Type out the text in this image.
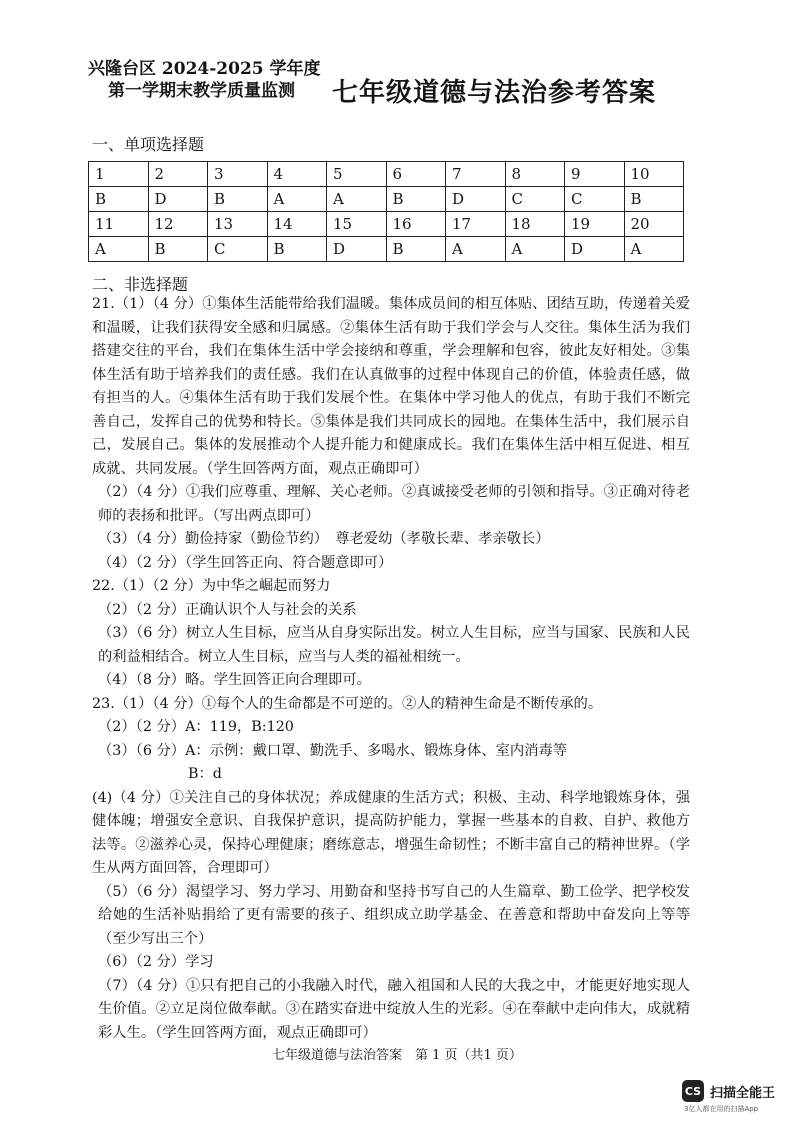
兴隆台区 2024-2025 学年度
第一学期末教学质量监测	七年级道德与法治参考答案
一、单项选择题
1	2	3	4	5	6	7	8	9	10
B	D	B	A	A	B	D	C	C	B
11	12	13	14	15	16	17	18	19	20
A	B	C	B	D	B	A	A	D	A
二、非选择题

21.（1）（4 分）①集体生活能带给我们温暖。集体成员间的相互体贴、团结互助，传递着关爱和温暖，让我们获得安全感和归属感。②集体生活有助于我们学会与人交往。集体生活为我们搭建交往的平台，我们在集体生活中学会接纳和尊重，学会理解和包容，彼此友好相处。③集体生活有助于培养我们的责任感。我们在认真做事的过程中体现自己的价值，体验责任感，做有担当的人。④集体生活有助于我们发展个性。在集体中学习他人的优点，有助于我们不断完善自己，发挥自己的优势和特长。⑤集体是我们共同成长的园地。在集体生活中，我们展示自己，发展自己。集体的发展推动个人提升能力和健康成长。我们在集体生活中相互促进、相互成就、共同发展。（学生回答两方面，观点正确即可）

（2）（4 分）①我们应尊重、理解、关心老师。②真诚接受老师的引领和指导。③正确对待老师的表扬和批评。（写出两点即可）

（3）（4 分）勤俭持家（勤俭节约）　尊老爱幼（孝敬长辈、孝亲敬长）

（4）（2 分）（学生回答正向、符合题意即可）

22.（1）（2 分）为中华之崛起而努力

（2）（2 分）正确认识个人与社会的关系

（3）（6 分）树立人生目标，应当从自身实际出发。树立人生目标，应当与国家、民族和人民的利益相结合。树立人生目标，应当与人类的福祉相统一。

（4）（8 分）略。学生回答正向合理即可。

23.（1）（4 分）①每个人的生命都是不可逆的。②人的精神生命是不断传承的。

（2）（2 分）A：119，B:120

（3）（6 分）A：示例：戴口罩、勤洗手、多喝水、锻炼身体、室内消毒等

B：d

(4)（4 分）①关注自己的身体状况；养成健康的生活方式；积极、主动、科学地锻炼身体，强健体魄；增强安全意识、自我保护意识，提高防护能力，掌握一些基本的自救、自护、救他方法等。②滋养心灵，保持心理健康；磨练意志，增强生命韧性；不断丰富自己的精神世界。（学生从两方面回答，合理即可）

（5）（6 分）渴望学习、努力学习、用勤奋和坚持书写自己的人生篇章、勤工俭学、把学校发给她的生活补贴捐给了更有需要的孩子、组织成立助学基金、在善意和帮助中奋发向上等等（至少写出三个）

（6）（2 分）学习

（7）（4 分）①只有把自己的小我融入时代，融入祖国和人民的大我之中，才能更好地实现人生价值。②立足岗位做奉献。③在踏实奋进中绽放人生的光彩。④在奉献中走向伟大，成就精彩人生。（学生回答两方面，观点正确即可）

七年级道德与法治答案　第 1 页（共1 页）
CS 扫描全能王
3亿人都在用的扫描App
